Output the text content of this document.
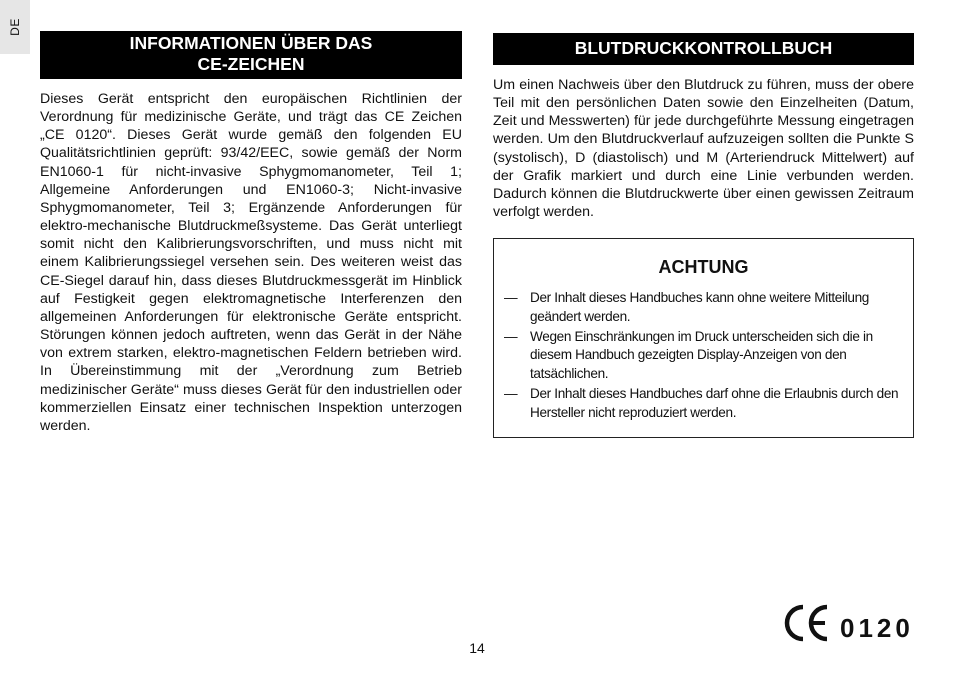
DE
INFORMATIONEN ÜBER DAS
CE-ZEICHEN

Dieses Gerät entspricht den europäischen Richtlinien der Verordnung für medizinische Geräte, und trägt das CE Zeichen „CE 0120“. Dieses Gerät wurde gemäß den folgenden EU Qualitätsrichtlinien geprüft: 93/42/EEC, sowie gemäß der Norm EN1060-1 für nicht-invasive Sphygmomanometer, Teil 1; Allgemeine Anforderungen und EN1060-3; Nicht-invasive Sphygmomanometer, Teil 3; Ergänzende Anforderungen für elektro-mechanische Blutdruckmeßsysteme. Das Gerät unterliegt somit nicht den Kalibrierungsvorschriften, und muss nicht mit einem Kalibrierungssiegel versehen sein. Des weiteren weist das CE-Siegel darauf hin, dass dieses Blutdruckmessgerät im Hinblick auf Festigkeit gegen elektromagnetische Interferenzen den allgemeinen Anforderungen für elektronische Geräte entspricht. Störungen können jedoch auftreten, wenn das Gerät in der Nähe von extrem starken, elektro-magnetischen Feldern betrieben wird. In Übereinstimmung mit der „Verordnung zum Betrieb medizinischer Geräte“ muss dieses Gerät für den industriellen oder kommerziellen Einsatz einer technischen Inspektion unterzogen werden.

BLUTDRUCKKONTROLLBUCH

Um einen Nachweis über den Blutdruck zu führen, muss der obere Teil mit den persönlichen Daten sowie den Einzelheiten (Datum, Zeit und Messwerten) für jede durchgeführte Messung eingetragen werden. Um den Blutdruckverlauf aufzuzeigen sollten die Punkte S (systolisch), D (diastolisch) und M (Arteriendruck Mittelwert) auf der Grafik markiert und durch eine Linie verbunden werden. Dadurch können die Blutdruckwerte über einen gewissen Zeitraum verfolgt werden.

ACHTUNG
— Der Inhalt dieses Handbuches kann ohne weitere Mitteilung geändert werden.
— Wegen Einschränkungen im Druck unterscheiden sich die in diesem Handbuch gezeigten Display-Anzeigen von den tatsächlichen.
— Der Inhalt dieses Handbuches darf ohne die Erlaubnis durch den Hersteller nicht reproduziert werden.
14
0120
